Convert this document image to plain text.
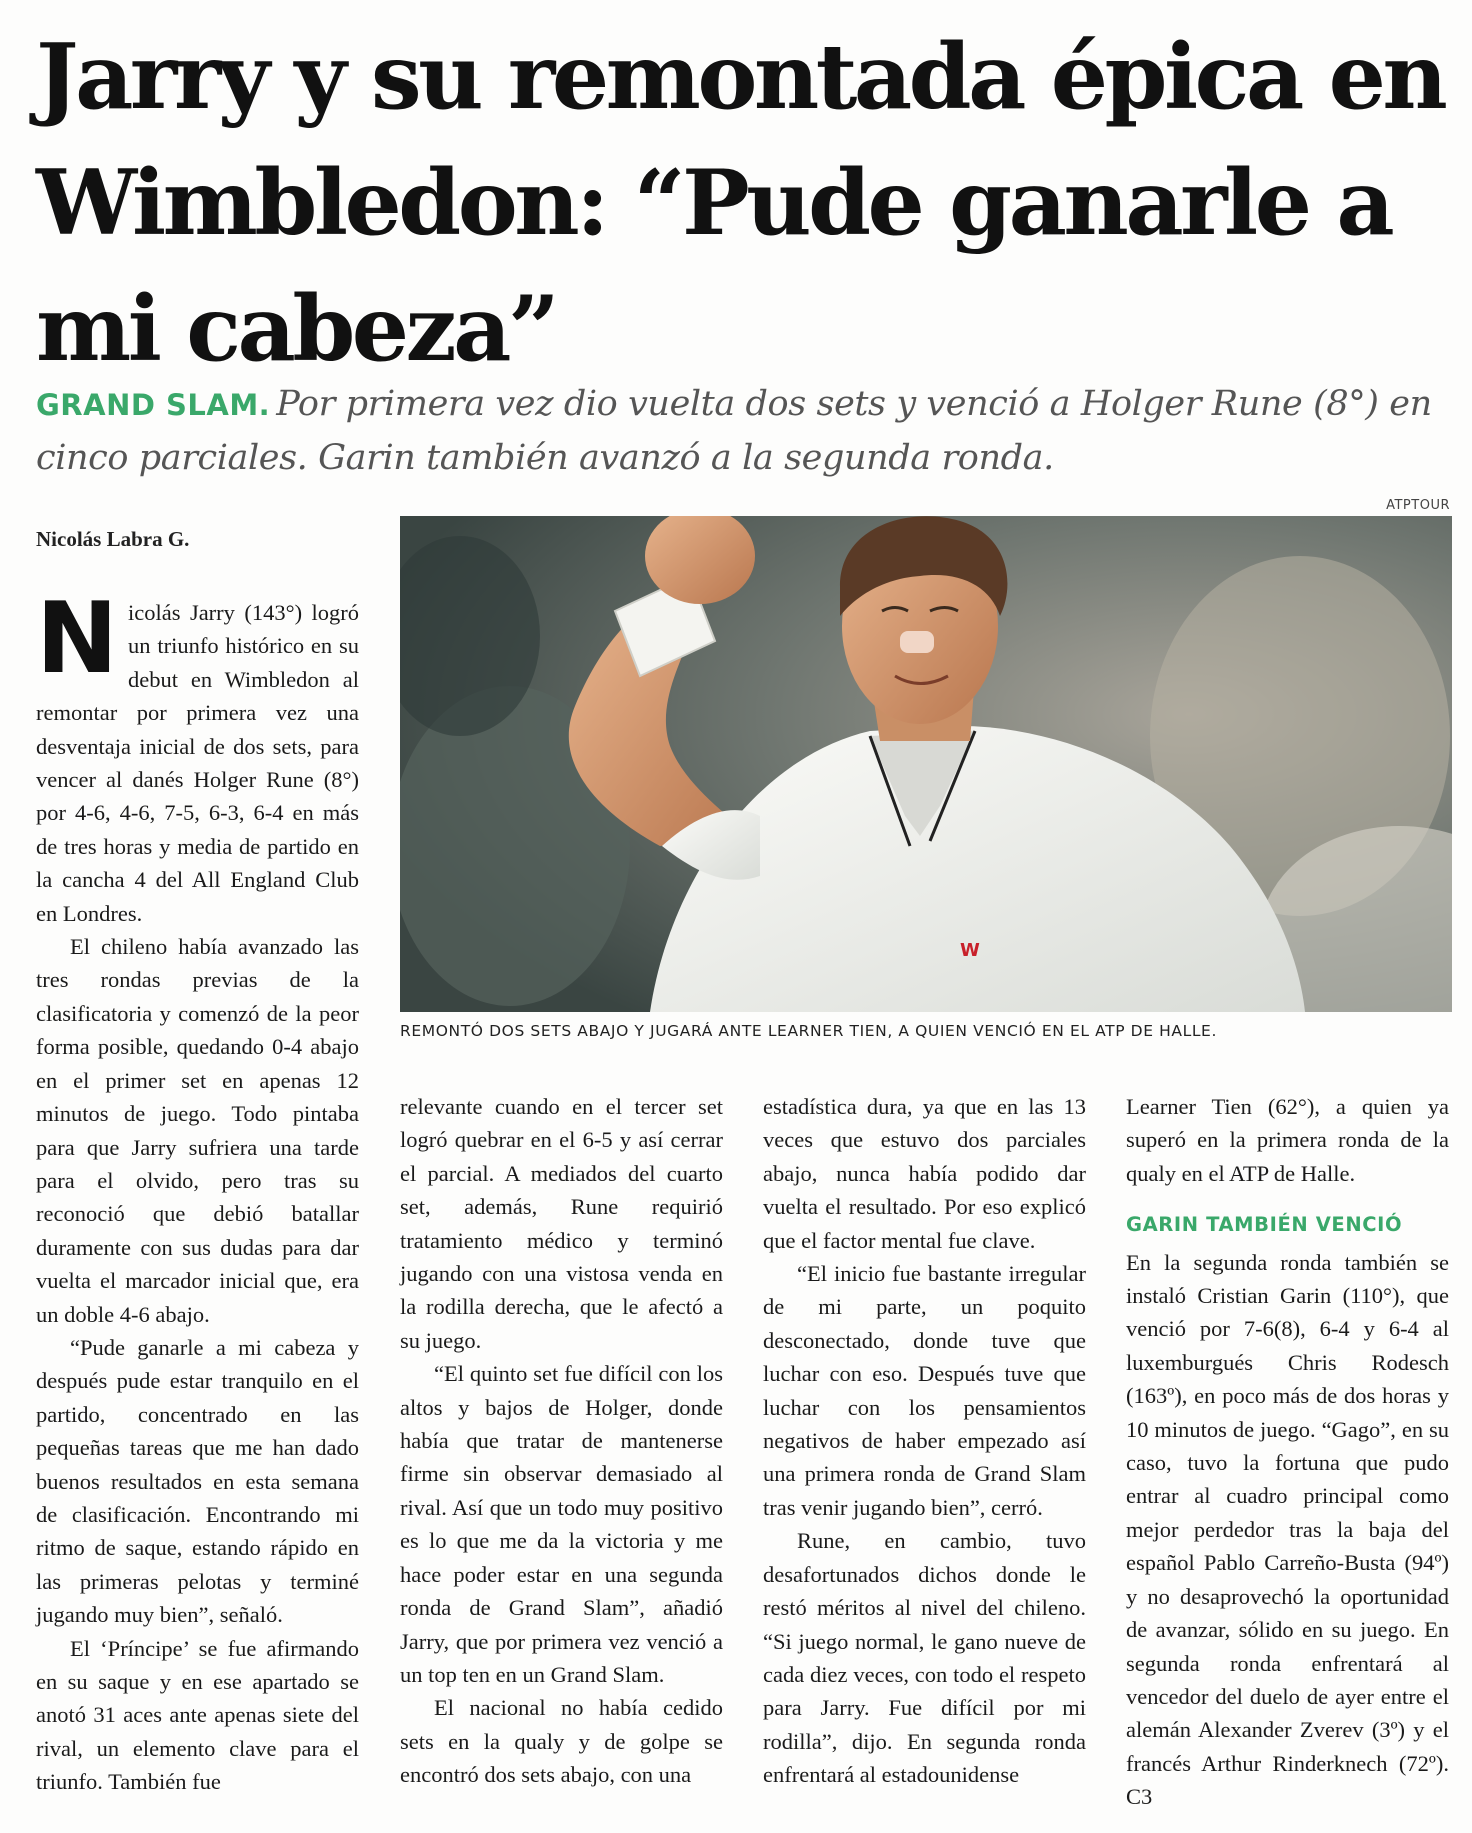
Jarry y su remontada épica en Wimbledon: “Pude ganarle a mi cabeza”
GRAND SLAM. Por primera vez dio vuelta dos sets y venció a Holger Rune (8°) en cinco parciales. Garin también avanzó a la segunda ronda.
Nicolás Labra G.
ATPTOUR
W
REMONTÓ DOS SETS ABAJO Y JUGARÁ ANTE LEARNER TIEN, A QUIEN VENCIÓ EN EL ATP DE HALLE.

Nicolás Jarry (143°) logró un triunfo histórico en su debut en Wimbledon al remontar por primera vez una desventaja inicial de dos sets, para vencer al danés Holger Rune (8°) por 4-6, 4-6, 7-5, 6-3, 6-4 en más de tres horas y media de partido en la cancha 4 del All England Club en Londres.

El chileno había avanzado las tres rondas previas de la clasificatoria y comenzó de la peor forma posible, quedando 0-4 abajo en el primer set en apenas 12 minutos de juego. Todo pintaba para que Jarry sufriera una tarde para el olvido, pero tras su reconoció que debió batallar duramente con sus dudas para dar vuelta el marcador inicial que, era un doble 4-6 abajo.

“Pude ganarle a mi cabeza y después pude estar tranquilo en el partido, concentrado en las pequeñas tareas que me han dado buenos resultados en esta semana de clasificación. Encontrando mi ritmo de saque, estando rápido en las primeras pelotas y terminé jugando muy bien”, señaló.

El ‘Príncipe’ se fue afirmando en su saque y en ese apartado se anotó 31 aces ante apenas siete del rival, un elemento clave para el triunfo. También fue

relevante cuando en el tercer set logró quebrar en el 6-5 y así cerrar el parcial. A mediados del cuarto set, además, Rune requirió tratamiento médico y terminó jugando con una vistosa venda en la rodilla derecha, que le afectó a su juego.

“El quinto set fue difícil con los altos y bajos de Holger, donde había que tratar de mantenerse firme sin observar demasiado al rival. Así que un todo muy positivo es lo que me da la victoria y me hace poder estar en una segunda ronda de Grand Slam”, añadió Jarry, que por primera vez venció a un top ten en un Grand Slam.

El nacional no había cedido sets en la qualy y de golpe se encontró dos sets abajo, con una

estadística dura, ya que en las 13 veces que estuvo dos parciales abajo, nunca había podido dar vuelta el resultado. Por eso explicó que el factor mental fue clave.

“El inicio fue bastante irregular de mi parte, un poquito desconectado, donde tuve que luchar con eso. Después tuve que luchar con los pensamientos negativos de haber empezado así una primera ronda de Grand Slam tras venir jugando bien”, cerró.

Rune, en cambio, tuvo desafortunados dichos donde le restó méritos al nivel del chileno. “Si juego normal, le gano nueve de cada diez veces, con todo el respeto para Jarry. Fue difícil por mi rodilla”, dijo. En segunda ronda enfrentará al estadounidense

Learner Tien (62°), a quien ya superó en la primera ronda de la qualy en el ATP de Halle.

GARIN TAMBIÉN VENCIÓ

En la segunda ronda también se instaló Cristian Garin (110°), que venció por 7-6(8), 6-4 y 6-4 al luxemburgués Chris Rodesch (163º), en poco más de dos horas y 10 minutos de juego. “Gago”, en su caso, tuvo la fortuna que pudo entrar al cuadro principal como mejor perdedor tras la baja del español Pablo Carreño-Busta (94º) y no desaprovechó la oportunidad de avanzar, sólido en su juego. En segunda ronda enfrentará al vencedor del duelo de ayer entre el alemán Alexander Zverev (3º) y el francés Arthur Rinderknech (72º). C3
